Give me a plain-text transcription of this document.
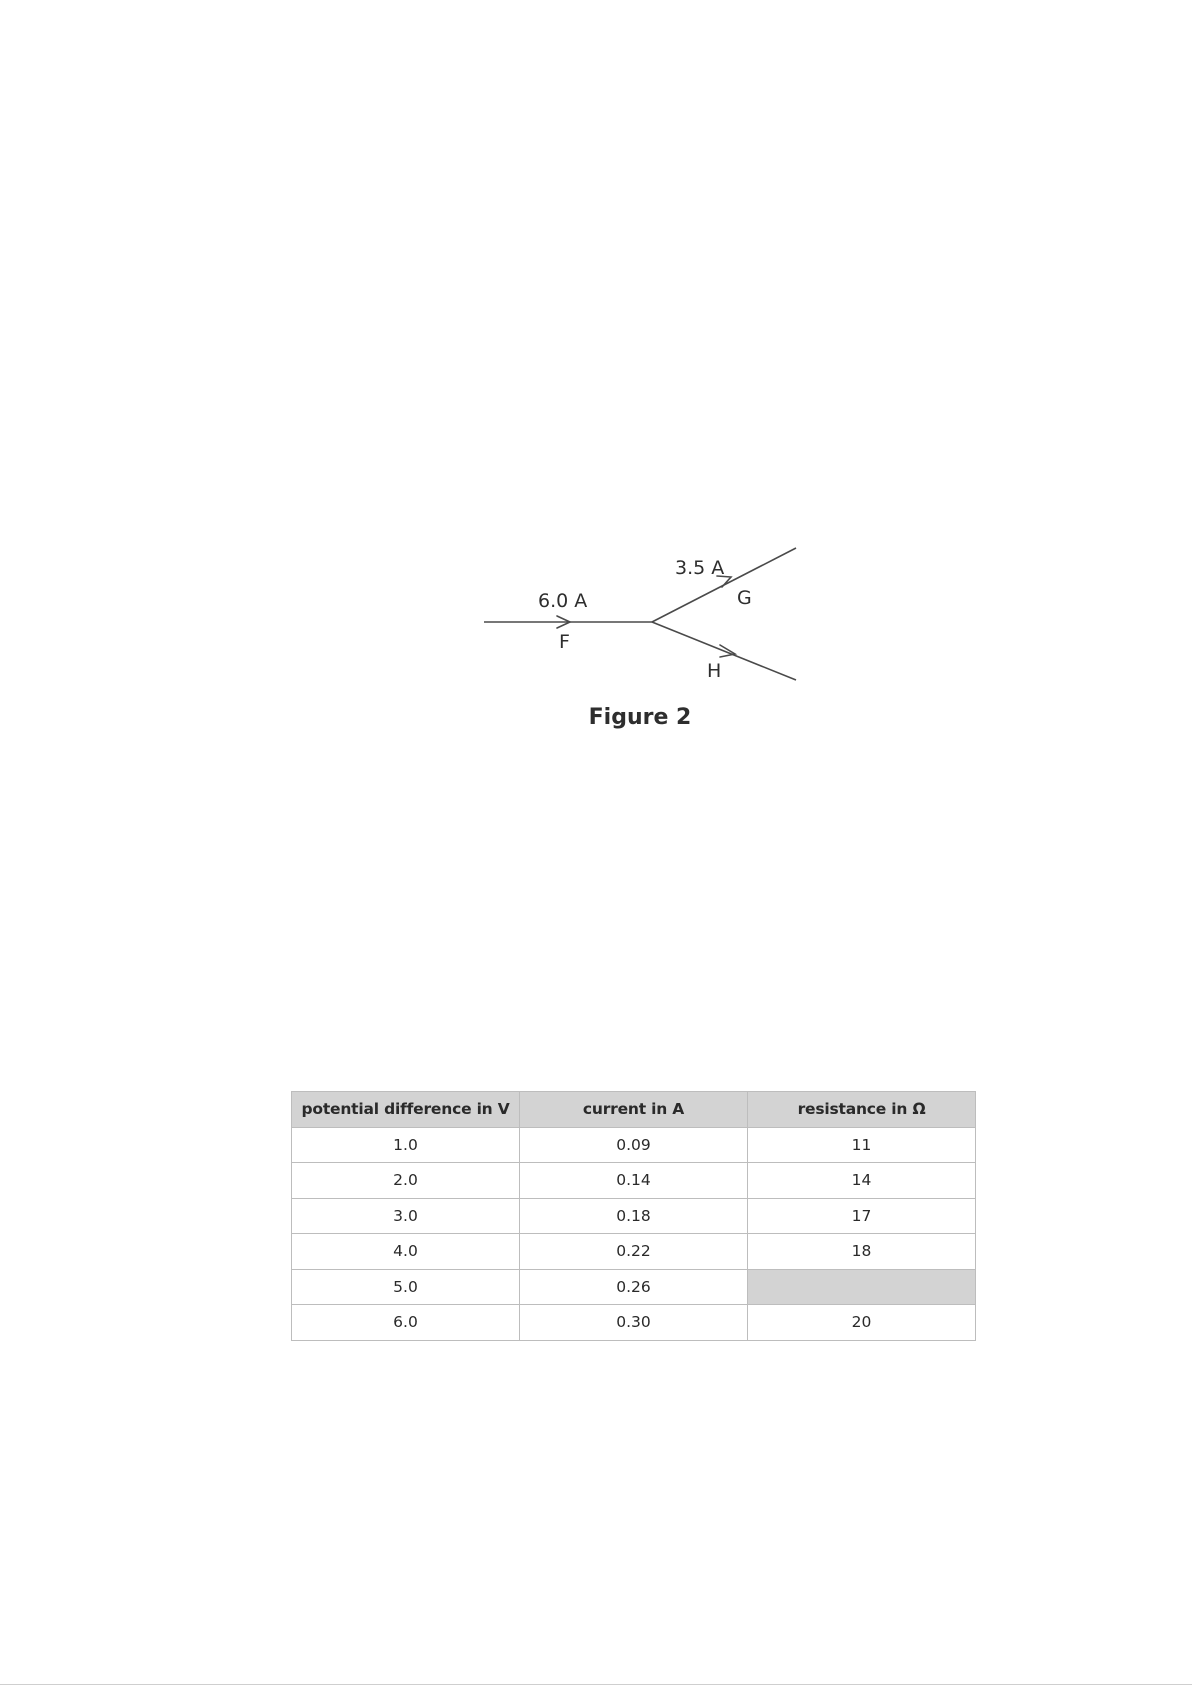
6.0 A
F
3.5 A
G
H
Figure 2
potential difference in V	current in A	resistance in Ω
1.0	0.09	11
2.0	0.14	14
3.0	0.18	17
4.0	0.22	18
5.0	0.26	
6.0	0.30	20
